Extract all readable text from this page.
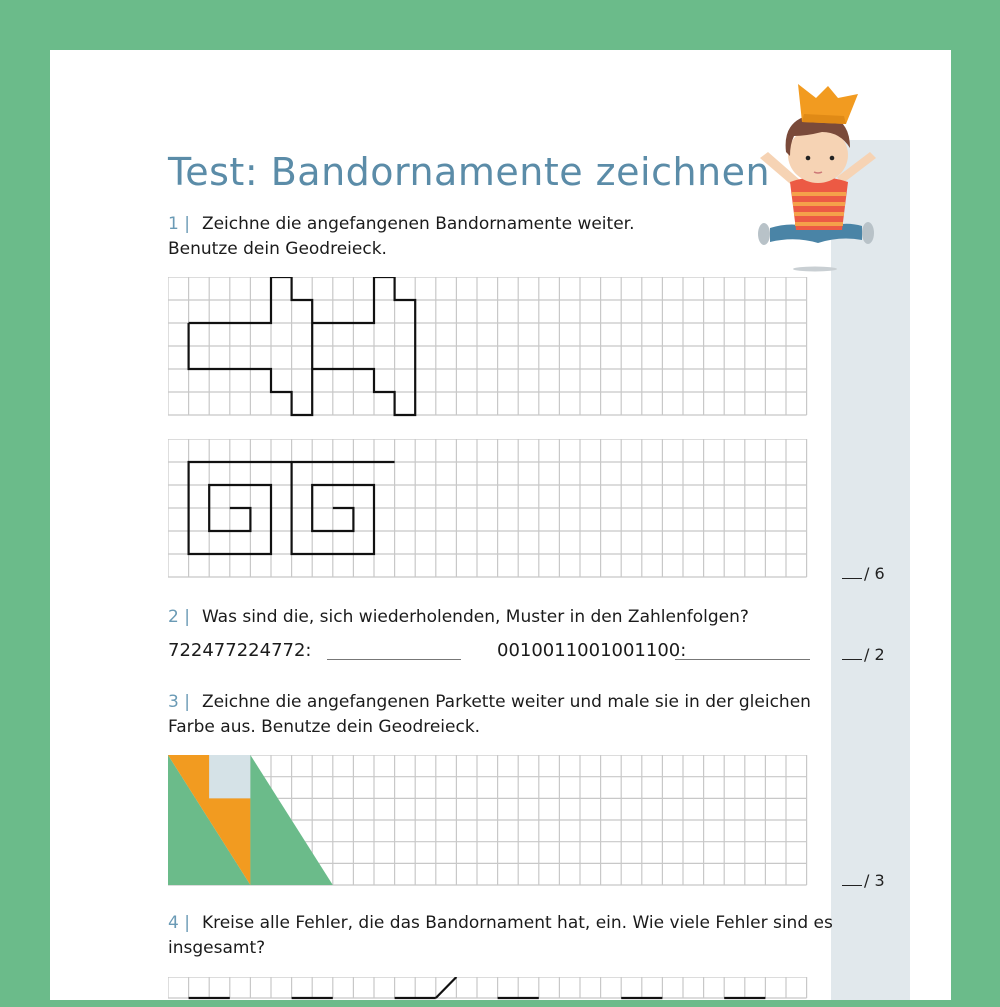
Test: Bandornamente zeichnen
1 | Zeichne die angefangenen Bandornamente weiter.
Benutze dein Geodreieck.
/ 6
2 | Was sind die, sich wiederholenden, Muster in den Zahlenfolgen?
722477224772:	0010011001001100:	/ 2
3 | Zeichne die angefangenen Parkette weiter und male sie in der gleichen
Farbe aus. Benutze dein Geodreieck.
/ 3
4 | Kreise alle Fehler, die das Bandornament hat, ein. Wie viele Fehler sind es
insgesamt?
